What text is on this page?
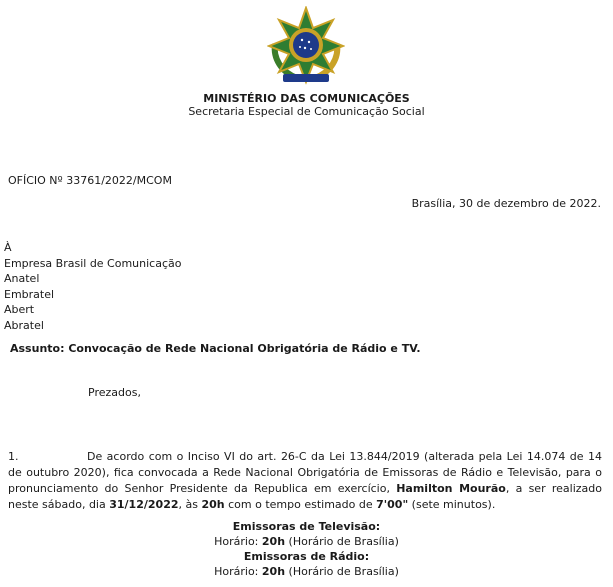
MINISTÉRIO DAS COMUNICAÇÕES
Secretaria Especial de Comunicação Social
OFÍCIO Nº 33761/2022/MCOM
Brasília, 30 de dezembro de 2022.
À
Empresa Brasil de Comunicação
Anatel
Embratel
Abert
Abratel
Assunto: Convocação de Rede Nacional Obrigatória de Rádio e TV.
Prezados,
1.	De acordo com o Inciso VI do art. 26-C da Lei 13.844/2019 (alterada pela Lei 14.074 de 14 de outubro 2020), fica convocada a Rede Nacional Obrigatória de Emissoras de Rádio e Televisão, para o pronunciamento do Senhor Presidente da Republica em exercício, Hamilton Mourão, a ser realizado neste sábado, dia 31/12/2022, às 20h com o tempo estimado de 7'00" (sete minutos).
Emissoras de Televisão:
Horário: 20h (Horário de Brasília)
Emissoras de Rádio:
Horário: 20h (Horário de Brasília)
